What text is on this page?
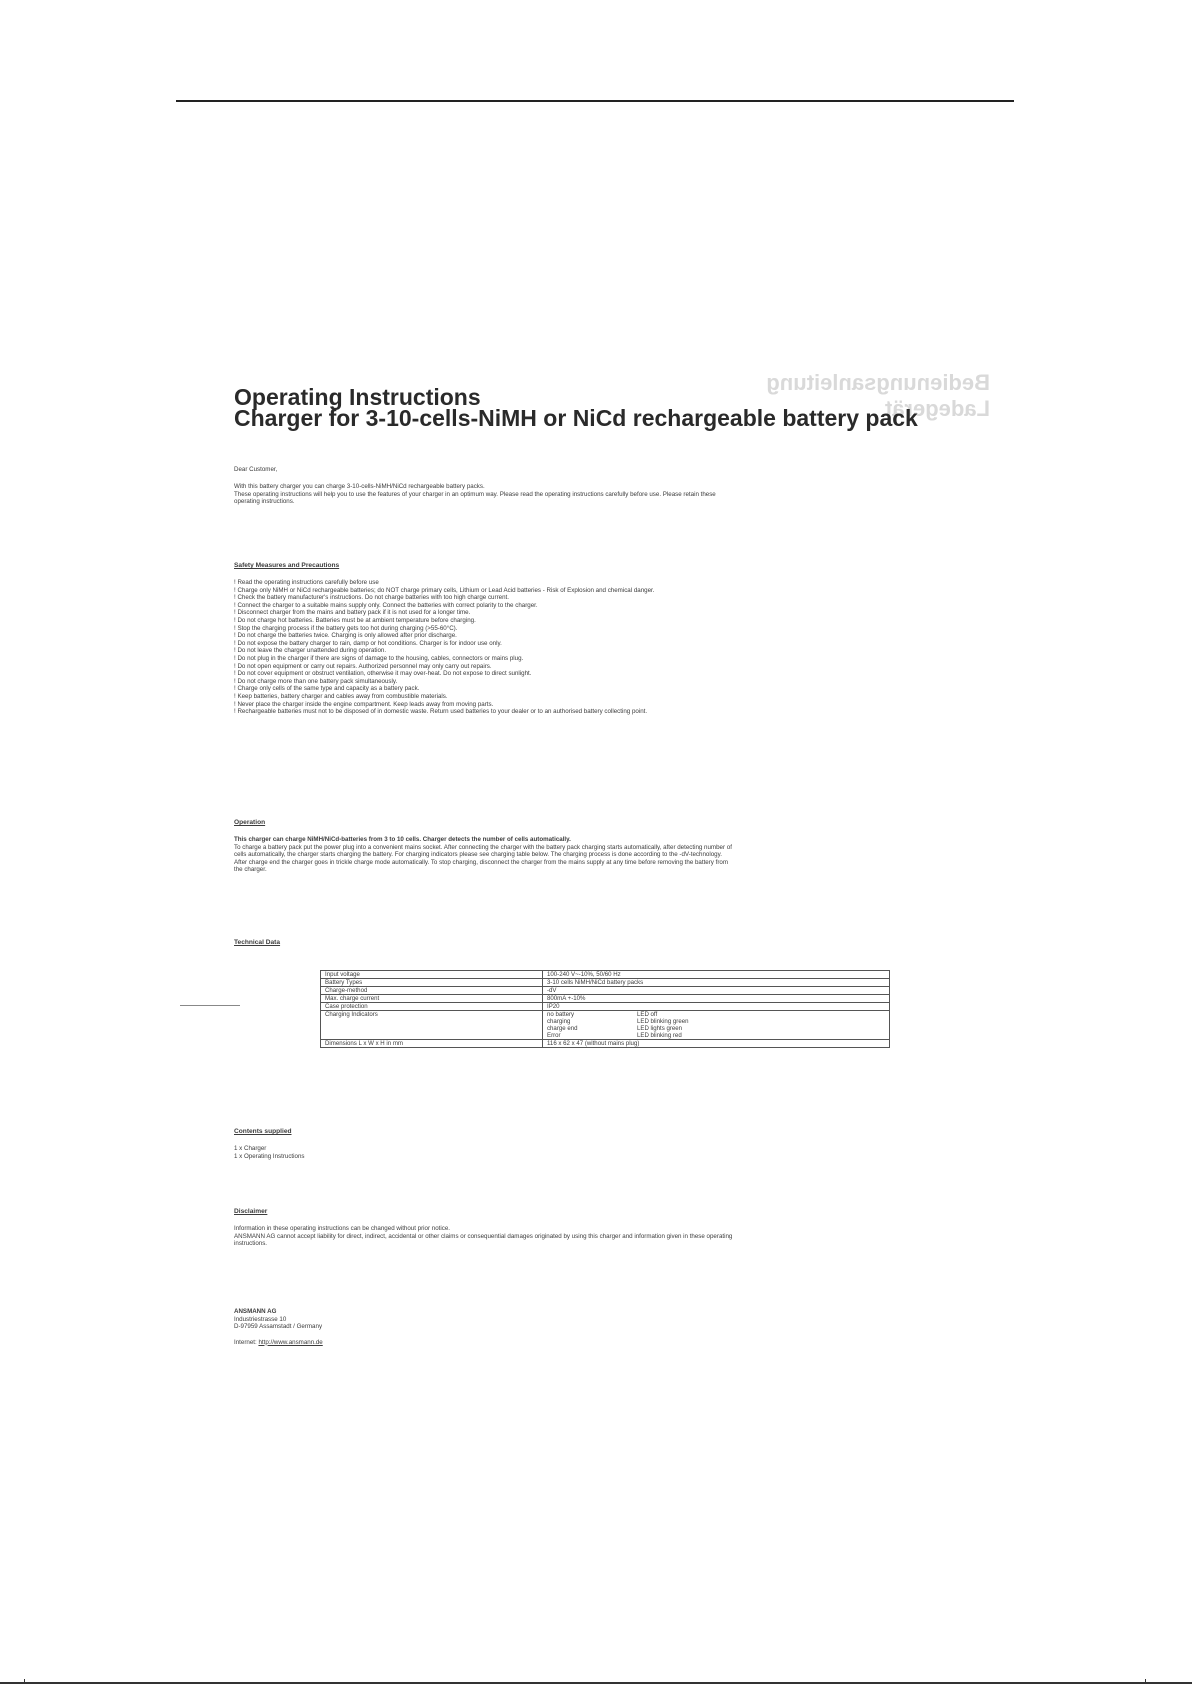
Bedienungsanleitung
Ladegerät
Operating Instructions
Charger for 3-10-cells-NiMH or NiCd rechargeable battery pack
Dear Customer,
With this battery charger you can charge 3-10-cells-NiMH/NiCd rechargeable battery packs.
These operating instructions will help you to use the features of your charger in an optimum way. Please read the operating instructions carefully before use. Please retain these
operating instructions.
Safety Measures and Precautions
! Read the operating instructions carefully before use
! Charge only NiMH or NiCd rechargeable batteries; do NOT charge primary cells, Lithium or Lead Acid batteries - Risk of Explosion and chemical danger.
! Check the battery manufacturer's instructions. Do not charge batteries with too high charge current.
! Connect the charger to a suitable mains supply only. Connect the batteries with correct polarity to the charger.
! Disconnect charger from the mains and battery pack if it is not used for a longer time.
! Do not charge hot batteries. Batteries must be at ambient temperature before charging.
! Stop the charging process if the battery gets too hot during charging (>55-60°C).
! Do not charge the batteries twice. Charging is only allowed after prior discharge.
! Do not expose the battery charger to rain, damp or hot conditions. Charger is for indoor use only.
! Do not leave the charger unattended during operation.
! Do not plug in the charger if there are signs of damage to the housing, cables, connectors or mains plug.
! Do not open equipment or carry out repairs. Authorized personnel may only carry out repairs.
! Do not cover equipment or obstruct ventilation, otherwise it may over-heat. Do not expose to direct sunlight.
! Do not charge more than one battery pack simultaneously.
! Charge only cells of the same type and capacity as a battery pack.
! Keep batteries, battery charger and cables away from combustible materials.
! Never place the charger inside the engine compartment. Keep leads away from moving parts.
! Rechargeable batteries must not to be disposed of in domestic waste. Return used batteries to your dealer or to an authorised battery collecting point.
Operation
This charger can charge NiMH/NiCd-batteries from 3 to 10 cells. Charger detects the number of cells automatically.
To charge a battery pack put the power plug into a convenient mains socket. After connecting the charger with the battery pack charging starts automatically, after detecting number of
cells automatically, the charger starts charging the battery. For charging indicators please see charging table below. The charging process is done according to the -dV-technology.
After charge end the charger goes in trickle charge mode automatically. To stop charging, disconnect the charger from the mains supply at any time before removing the battery from
the charger.
Technical Data
Input voltage	100-240 V~-10%, 50/60 Hz
Battery Types	3-10 cells NiMH/NiCd battery packs
Charge-method	-dV
Max. charge current	800mA +-10%
Case protection	IP20
Charging Indicators	no battery LED off
charging LED blinking green
charge end LED lights green
Error LED blinking red

Dimensions L x W x H in mm	116 x 62 x 47 (without mains plug)
Contents supplied
1 x Charger
1 x Operating Instructions
Disclaimer
Information in these operating instructions can be changed without prior notice.
ANSMANN AG cannot accept liability for direct, indirect, accidental or other claims or consequential damages originated by using this charger and information given in these operating
instructions.
ANSMANN AG
Industriestrasse 10
D-97959 Assamstadt / Germany
Internet: http://www.ansmann.de
